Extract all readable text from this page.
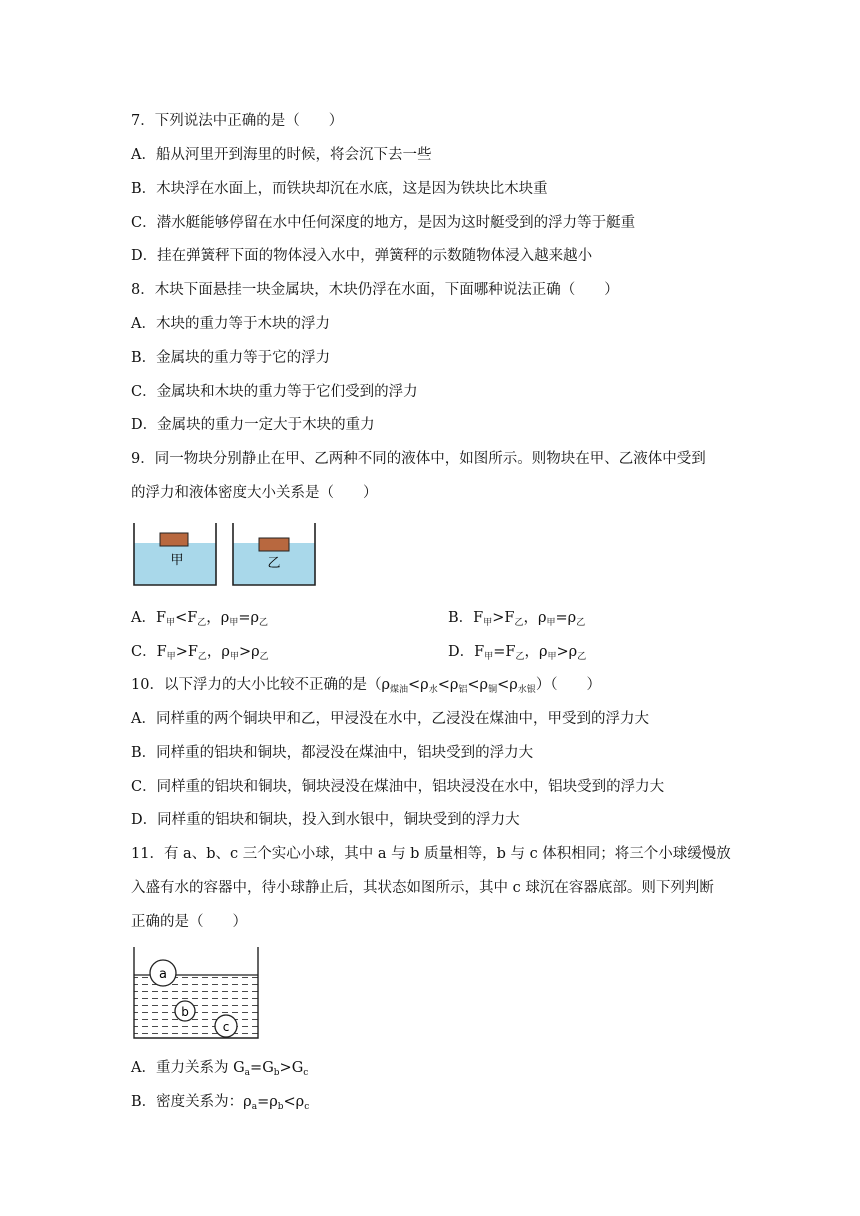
7．下列说法中正确的是（　　）
A．船从河里开到海里的时候，将会沉下去一些
B．木块浮在水面上，而铁块却沉在水底，这是因为铁块比木块重
C．潜水艇能够停留在水中任何深度的地方，是因为这时艇受到的浮力等于艇重
D．挂在弹簧秤下面的物体浸入水中，弹簧秤的示数随物体浸入越来越小
8．木块下面悬挂一块金属块，木块仍浮在水面，下面哪种说法正确（　　）
A．木块的重力等于木块的浮力
B．金属块的重力等于它的浮力
C．金属块和木块的重力等于它们受到的浮力
D．金属块的重力一定大于木块的重力
9．同一物块分别静止在甲、乙两种不同的液体中，如图所示。则物块在甲、乙液体中受到
的浮力和液体密度大小关系是（　　）
甲	乙
A．$F_甲<F_乙$，$\rho_甲=\rho_乙$	B．$F_甲>F_乙$，$\rho_甲=\rho_乙$
C．$F_甲>F_乙$，$\rho_甲>\rho_乙$	D．$F_甲=F_乙$，$\rho_甲>\rho_乙$
10．以下浮力的大小比较不正确的是$(\rho_{煤油}<\rho_水<\rho_铝<\rho_铜<\rho_{水银})$（　　）
A．同样重的两个铜块甲和乙，甲浸没在水中，乙浸没在煤油中，甲受到的浮力大
B．同样重的铝块和铜块，都浸没在煤油中，铝块受到的浮力大
C．同样重的铝块和铜块，铜块浸没在煤油中，铝块浸没在水中，铝块受到的浮力大
D．同样重的铝块和铜块，投入到水银中，铜块受到的浮力大
11．有 a、b、c 三个实心小球，其中 a 与 b 质量相等，b 与 c 体积相同；将三个小球缓慢放
入盛有水的容器中，待小球静止后，其状态如图所示，其中 c 球沉在容器底部。则下列判断
正确的是（　　）
a
b
c
A．重力关系为 $G_a=G_b>G_c$
B．密度关系为：$\rho_a=\rho_b<\rho_c$
